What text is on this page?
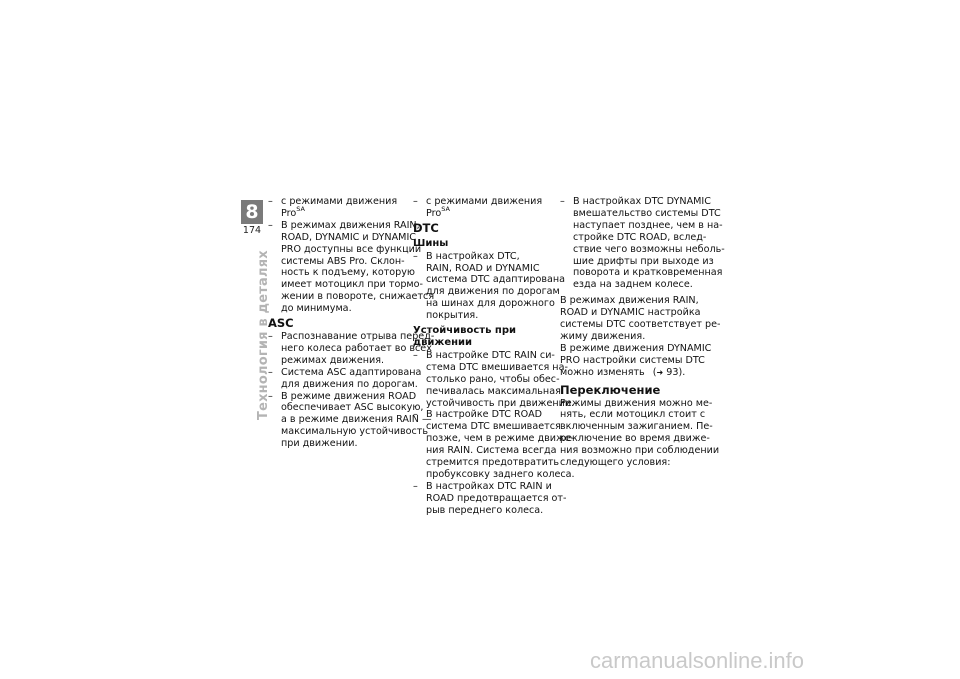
8
174
Технология в деталях
– с режимами движения Pro$^{SA}$
– В режимах движения RAIN,
ROAD, DYNAMIC и DYNAMIC
PRO доступны все функции
системы ABS Pro. Склон-
ность к подъему, которую
имеет мотоцикл при тормо-
жении в повороте, снижается
до минимума.
ASC
– Распознавание отрыва перед-
него колеса работает во всех
режимах движения.
– Система ASC адаптирована
для движения по дорогам.
– В режиме движения ROAD
обеспечивает ASC высокую,
а в режиме движения RAIN —
максимальную устойчивость
при движении.
– с режимами движения Pro$^{SA}$
DTC
Шины
– В настройках DTC,
RAIN, ROAD и DYNAMIC
система DTC адаптирована
для движения по дорогам
на шинах для дорожного
покрытия.
Устойчивость при движении
– В настройке DTC RAIN си-
стема DTC вмешивается на-
столько рано, чтобы обес-
печивалась максимальная
устойчивость при движении.
– В настройке DTC ROAD
система DTC вмешивается
позже, чем в режиме движе-
ния RAIN. Система всегда
стремится предотвратить
пробуксовку заднего колеса.
– В настройках DTC RAIN и
ROAD предотвращается от-
рыв переднего колеса.
– В настройках DTC DYNAMIC
вмешательство системы DTC
наступает позднее, чем в на-
стройке DTC ROAD, вслед-
ствие чего возможны неболь-
шие дрифты при выходе из
поворота и кратковременная
езда на заднем колесе.
В режимах движения RAIN,
ROAD и DYNAMIC настройка
системы DTC соответствует ре-
жиму движения.
В режиме движения DYNAMIC
PRO настройки системы DTC
можно изменять (➜ 93).
Переключение
Режимы движения можно ме-
нять, если мотоцикл стоит с
включенным зажиганием. Пе-
реключение во время движе-
ния возможно при соблюдении
следующего условия:
carmanualsonline.info
